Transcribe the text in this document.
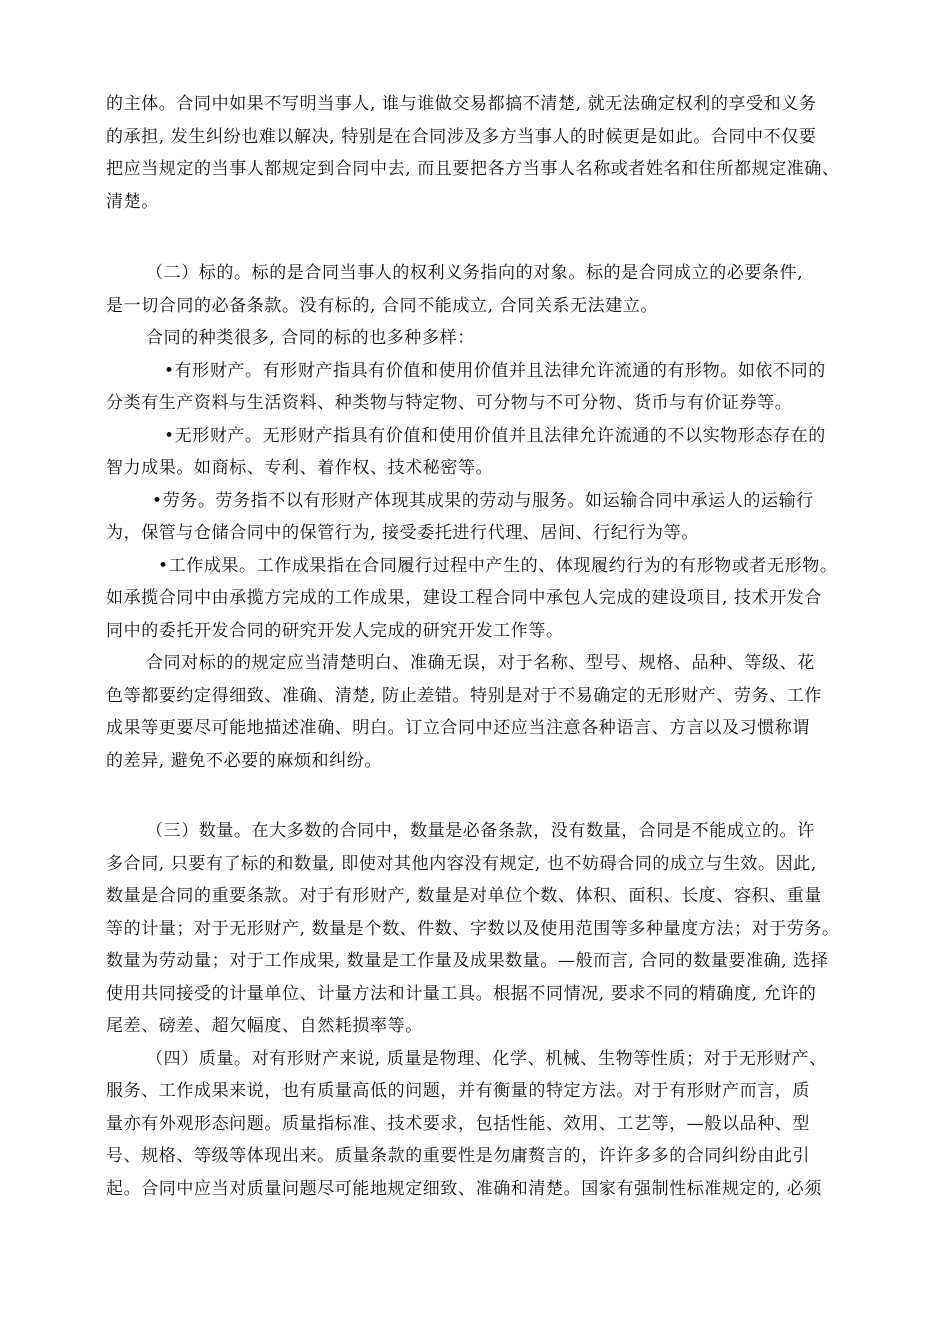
的主体。合同中如果不写明当事人, 谁与谁做交易都搞不清楚, 就无法确定权利的享受和义务
的承担, 发生纠纷也难以解决, 特别是在合同涉及多方当事人的时候更是如此。合同中不仅要
把应当规定的当事人都规定到合同中去, 而且要把各方当事人名称或者姓名和住所都规定准确、
清楚。
（二）标的。标的是合同当事人的权利义务指向的对象。标的是合同成立的必要条件,
是一切合同的必备条款。没有标的, 合同不能成立, 合同关系无法建立。
合同的种类很多, 合同的标的也多种多样：
•有形财产。有形财产指具有价值和使用价值并且法律允许流通的有形物。如依不同的
分类有生产资料与生活资料、种类物与特定物、可分物与不可分物、货币与有价证券等。
•无形财产。无形财产指具有价值和使用价值并且法律允许流通的不以实物形态存在的
智力成果。如商标、专利、着作权、技术秘密等。
•劳务。劳务指不以有形财产体现其成果的劳动与服务。如运输合同中承运人的运输行
为，保管与仓储合同中的保管行为, 接受委托进行代理、居间、行纪行为等。
•工作成果。工作成果指在合同履行过程中产生的、体现履约行为的有形物或者无形物。
如承揽合同中由承揽方完成的工作成果，建设工程合同中承包人完成的建设项目, 技术开发合
同中的委托开发合同的研究开发人完成的研究开发工作等。
合同对标的的规定应当清楚明白、准确无误，对于名称、型号、规格、品种、等级、花
色等都要约定得细致、准确、清楚, 防止差错。特别是对于不易确定的无形财产、劳务、工作
成果等更要尽可能地描述准确、明白。订立合同中还应当注意各种语言、方言以及习惯称谓
的差异, 避免不必要的麻烦和纠纷。
（三）数量。在大多数的合同中，数量是必备条款，没有数量，合同是不能成立的。许
多合同, 只要有了标的和数量, 即使对其他内容没有规定, 也不妨碍合同的成立与生效。因此,
数量是合同的重要条款。对于有形财产, 数量是对单位个数、体积、面积、长度、容积、重量
等的计量；对于无形财产, 数量是个数、件数、字数以及使用范围等多种量度方法；对于劳务。
数量为劳动量；对于工作成果, 数量是工作量及成果数量。—般而言, 合同的数量要准确, 选择
使用共同接受的计量单位、计量方法和计量工具。根据不同情况, 要求不同的精确度, 允许的
尾差、磅差、超欠幅度、自然耗损率等。
（四）质量。对有形财产来说, 质量是物理、化学、机械、生物等性质；对于无形财产、
服务、工作成果来说，也有质量高低的问题，并有衡量的特定方法。对于有形财产而言，质
量亦有外观形态问题。质量指标准、技术要求，包括性能、效用、工艺等，—般以品种、型
号、规格、等级等体现出来。质量条款的重要性是勿庸赘言的，许许多多的合同纠纷由此引
起。合同中应当对质量问题尽可能地规定细致、准确和清楚。国家有强制性标准规定的, 必须
